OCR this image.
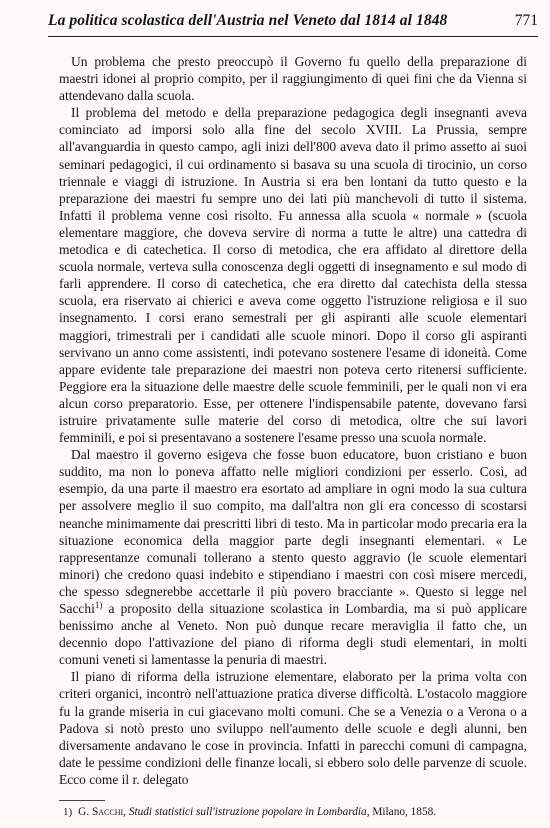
La politica scolastica dell'Austria nel Veneto dal 1814 al 1848	771

Un problema che presto preoccupò il Governo fu quello della preparazione di maestri idonei al proprio compito, per il raggiungimento di quei fini che da Vienna si attendevano dalla scuola.

Il problema del metodo e della preparazione pedagogica degli insegnanti aveva cominciato ad imporsi solo alla fine del secolo XVIII. La Prussia, sempre all'avanguardia in questo campo, agli inizi dell'800 aveva dato il primo assetto ai suoi seminari pedagogici, il cui ordinamento si basava su una scuola di tirocinio, un corso triennale e viaggi di istruzione. In Austria si era ben lontani da tutto questo e la preparazione dei maestri fu sempre uno dei lati più manchevoli di tutto il sistema. Infatti il problema venne così risolto. Fu annessa alla scuola « normale » (scuola elementare maggiore, che doveva servire di norma a tutte le altre) una cattedra di metodica e di catechetica. Il corso di metodica, che era affidato al direttore della scuola normale, verteva sulla conoscenza degli oggetti di insegnamento e sul modo di farli apprendere. Il corso di catechetica, che era diretto dal catechista della stessa scuola, era riservato ai chierici e aveva come oggetto l'istruzione religiosa e il suo insegnamento. I corsi erano semestrali per gli aspiranti alle scuole elementari maggiori, trimestrali per i candidati alle scuole minori. Dopo il corso gli aspiranti servivano un anno come assistenti, indi potevano sostenere l'esame di idoneità. Come appare evidente tale preparazione dei maestri non poteva certo ritenersi sufficiente. Peggiore era la situazione delle maestre delle scuole femminili, per le quali non vi era alcun corso preparatorio. Esse, per ottenere l'indispensabile patente, dovevano farsi istruire privatamente sulle materie del corso di metodica, oltre che sui lavori femminili, e poi si presentavano a sostenere l'esame presso una scuola normale.

Dal maestro il governo esigeva che fosse buon educatore, buon cristiano e buon suddito, ma non lo poneva affatto nelle migliori condizioni per esserlo. Così, ad esempio, da una parte il maestro era esortato ad ampliare in ogni modo la sua cultura per assolvere meglio il suo compito, ma dall'altra non gli era concesso di scostarsi neanche minimamente dai prescritti libri di testo. Ma in particolar modo precaria era la situazione economica della maggior parte degli insegnanti elementari. « Le rappresentanze comunali tollerano a stento questo aggravio (le scuole elementari minori) che credono quasi indebito e stipendiano i maestri con così misere mercedi, che spesso sdegnerebbe accettarle il più povero bracciante ». Questo si legge nel Sacchi$^{1)}$ a proposito della situazione scolastica in Lombardia, ma si può applicare benissimo anche al Veneto. Non può dunque recare meraviglia il fatto che, un decennio dopo l'attivazione del piano di riforma degli studi elementari, in molti comuni veneti si lamentasse la penuria di maestri.

Il piano di riforma della istruzione elementare, elaborato per la prima volta con criteri organici, incontrò nell'attuazione pratica diverse difficoltà. L'ostacolo maggiore fu la grande miseria in cui giacevano molti comuni. Che se a Venezia o a Verona o a Padova si notò presto uno sviluppo nell'aumento delle scuole e degli alunni, ben diversamente andavano le cose in provincia. Infatti in parecchi comuni di campagna, date le pessime condizioni delle finanze locali, si ebbero solo delle parvenze di scuole. Ecco come il r. delegato

1) G. Sacchi, Studi statistici sull'istruzione popolare in Lombardia, Milano, 1858.
